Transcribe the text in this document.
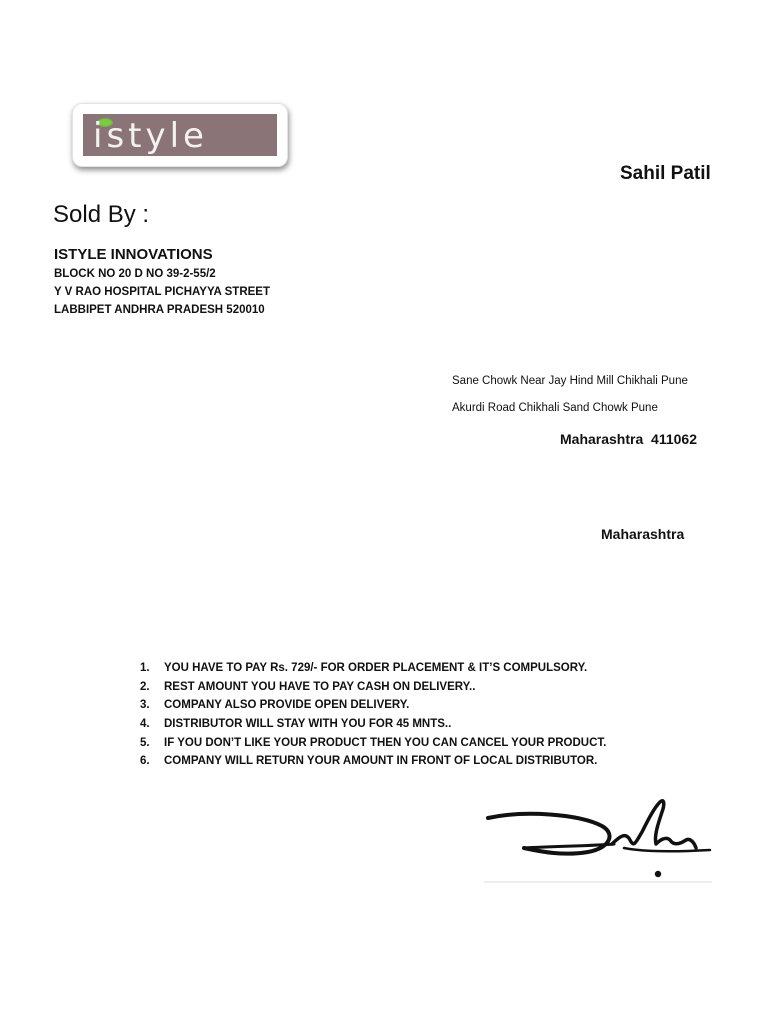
istyle
Sahil Patil
Sold By :
ISTYLE INNOVATIONS
BLOCK NO 20 D NO 39-2-55/2
Y V RAO HOSPITAL PICHAYYA STREET
LABBIPET ANDHRA PRADESH 520010
Sane Chowk Near Jay Hind Mill Chikhali Pune
Akurdi Road Chikhali Sand Chowk Pune
Maharashtra  411062
Maharashtra
1. YOU HAVE TO PAY Rs. 729/- FOR ORDER PLACEMENT & IT’S COMPULSORY.
2. REST AMOUNT YOU HAVE TO PAY CASH ON DELIVERY..
3. COMPANY ALSO PROVIDE OPEN DELIVERY.
4. DISTRIBUTOR WILL STAY WITH YOU FOR 45 MNTS..
5. IF YOU DON’T LIKE YOUR PRODUCT THEN YOU CAN CANCEL YOUR PRODUCT.
6. COMPANY WILL RETURN YOUR AMOUNT IN FRONT OF LOCAL DISTRIBUTOR.
